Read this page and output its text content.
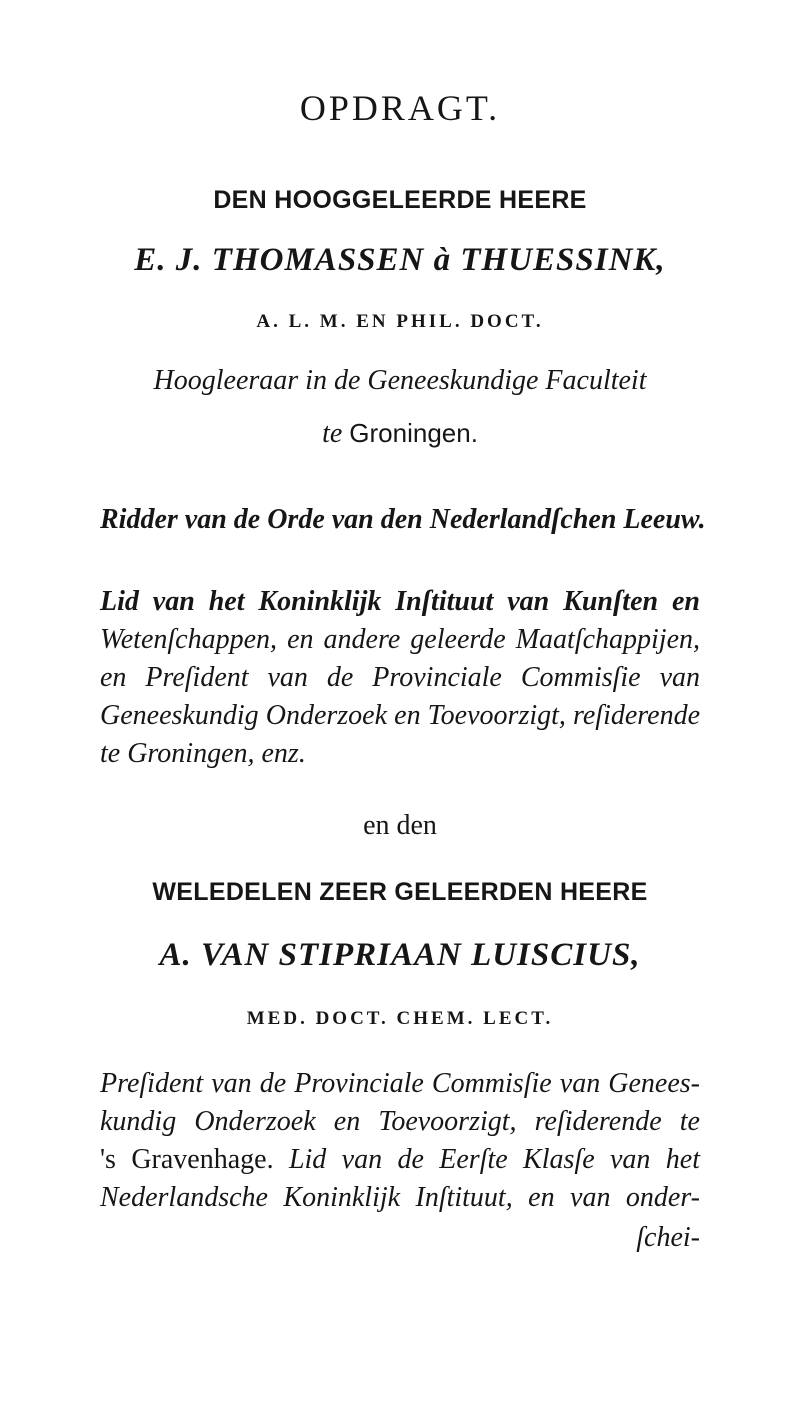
OPDRAGT.
DEN HOOGGELEERDE HEERE
E. J. THOMASSEN à THUESSINK,
A. L. M. EN PHIL. DOCT.
Hoogleeraar in de Geneeskundige Faculteit
te Groningen.
Ridder van de Orde van den Nederlandſchen Leeuw.
Lid van het Koninklijk Inſtituut van Kunſten en
Wetenſchappen, en andere geleerde Maatſchappijen,
en Preſident van de Provinciale Commisſie van
Geneeskundig Onderzoek en Toevoorzigt, reſiderende
te Groningen, enz.
en den
WELEDELEN ZEER GELEERDEN HEERE
A. VAN STIPRIAAN LUISCIUS,
MED. DOCT. CHEM. LECT.
Preſident van de Provinciale Commisſie van Genees-
kundig Onderzoek en Toevoorzigt, reſiderende te
's Gravenhage. Lid van de Eerſte Klasſe van het
Nederlandsche Koninklijk Inſtituut, en van onder-
ſchei-
